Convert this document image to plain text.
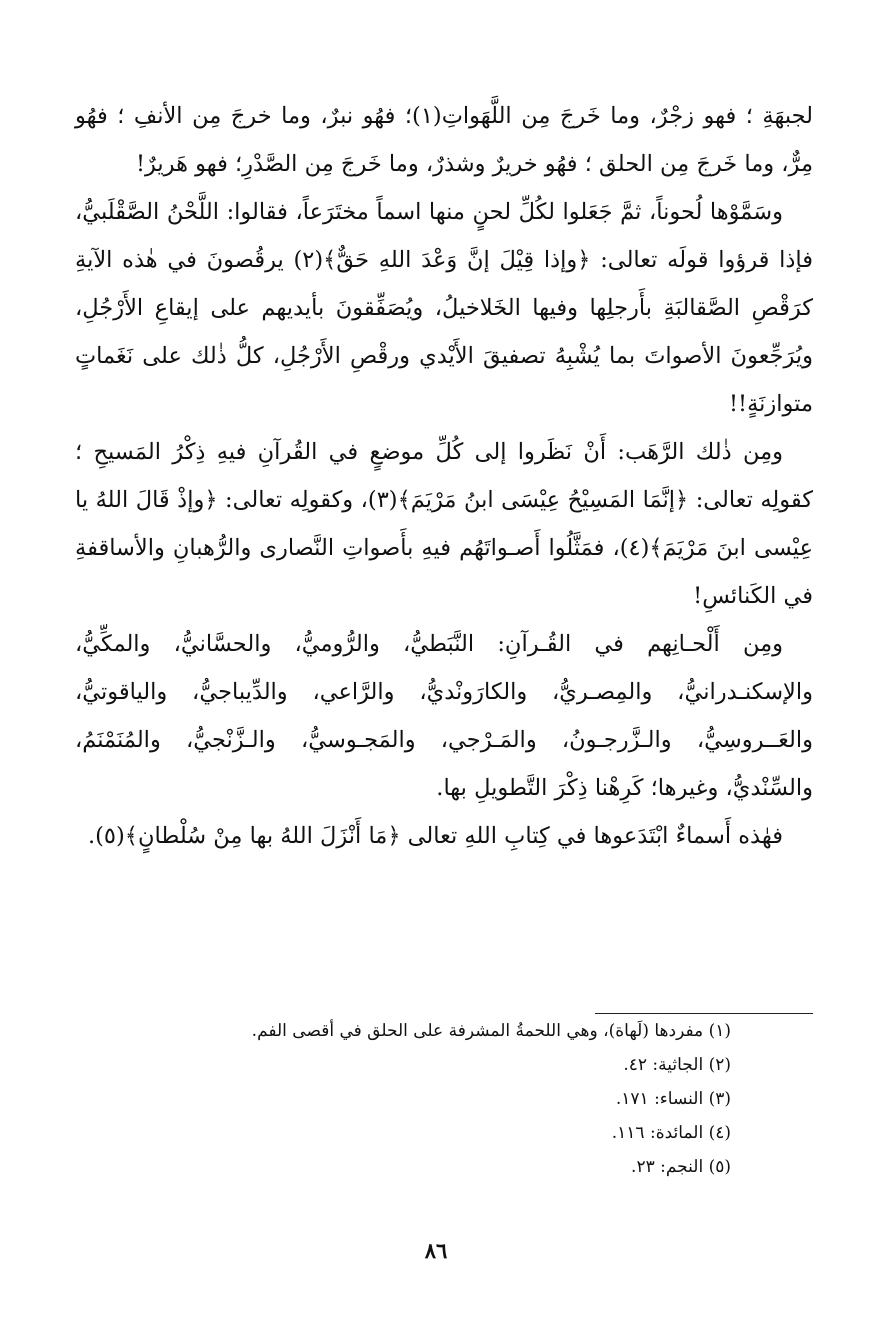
لجبهَةِ ؛ فهو زجْرٌ، وما خَرجَ مِن اللَّهَواتِ(١)؛ فهُو نبرٌ، وما خرجَ مِن الأنفِ ؛ فهُو مِرٌّ، وما خَرجَ مِن الحلق ؛ فهُو خريرٌ وشذرٌ، وما خَرجَ مِن الصَّدْرِ؛ فهو هَريرٌ!

وسَمَّوْها لُحوناً، ثمَّ جَعَلوا لكُلِّ لحنٍ منها اسماً مختَرَعاً، فقالوا: اللَّحْنُ الصَّقْلَبيُّ، فإذا قرؤوا قولَه تعالى: ﴿وإذا قِيْلَ إنَّ وَعْدَ اللهِ حَقٌّ﴾(٢) يرقُصونَ في هٰذه الآيةِ كرَقْصِ الصَّقالبَةِ بأَرجلِها وفيها الخَلاخيلُ، ويُصَفِّقونَ بأيديهم على إيقاعِ الأَرْجُلِ، ويُرَجِّعونَ الأصواتَ بما يُشْبِهُ تصفيقَ الأَيْدي ورقْصِ الأَرْجُلِ، كلُّ ذٰلك على نَغَماتٍ متوازنَةٍ!!

ومِن ذٰلك الرَّهَب: أَنْ نَظَروا إلى كُلِّ موضعٍ في القُرآنِ فيهِ ذِكْرُ المَسيحِ ؛ كقولِه تعالى: ﴿إنَّمَا المَسِيْحُ عِيْسَى ابنُ مَرْيَمَ﴾(٣)، وكقولِه تعالى: ﴿وإذْ قَالَ اللهُ يا عِيْسى ابنَ مَرْيَمَ﴾(٤)، فمَثَّلُوا أَصـواتَهُم فيهِ بأَصواتِ النَّصارى والرُّهبانِ والأساقفةِ في الكَنائسِ!

ومِن أَلْحـانِهم في القُـرآنِ: النَّبَطيُّ، والرُّوميُّ، والحسَّانيُّ، والمكِّيُّ، والإسكنـدرانيُّ، والمِصـريُّ، والكارَونْديُّ، والرَّاعي، والدِّيباجيُّ، والياقوتيُّ، والعَــروسِيُّ، والـزَّرجـونُ، والمَـرْجي، والمَجـوسيُّ، والـزَّنْجيُّ، والمُنَمْنَمُ، والسِّنْديُّ، وغيرها؛ كَرِهْنا ذِكْرَ التَّطويلِ بها.

فهٰذه أَسماءٌ ابْتَدَعوها في كِتابِ اللهِ تعالى ﴿مَا أَنْزَلَ اللهُ بها مِنْ سُلْطانٍ﴾(٥).

(١) مفردها (لَهاة)، وهي اللحمةُ المشرفة على الحلق في أقصى الفم.
(٢) الجاثية: ٤٢.
(٣) النساء: ١٧١.
(٤) المائدة: ١١٦.
(٥) النجم: ٢٣.
٨٦
